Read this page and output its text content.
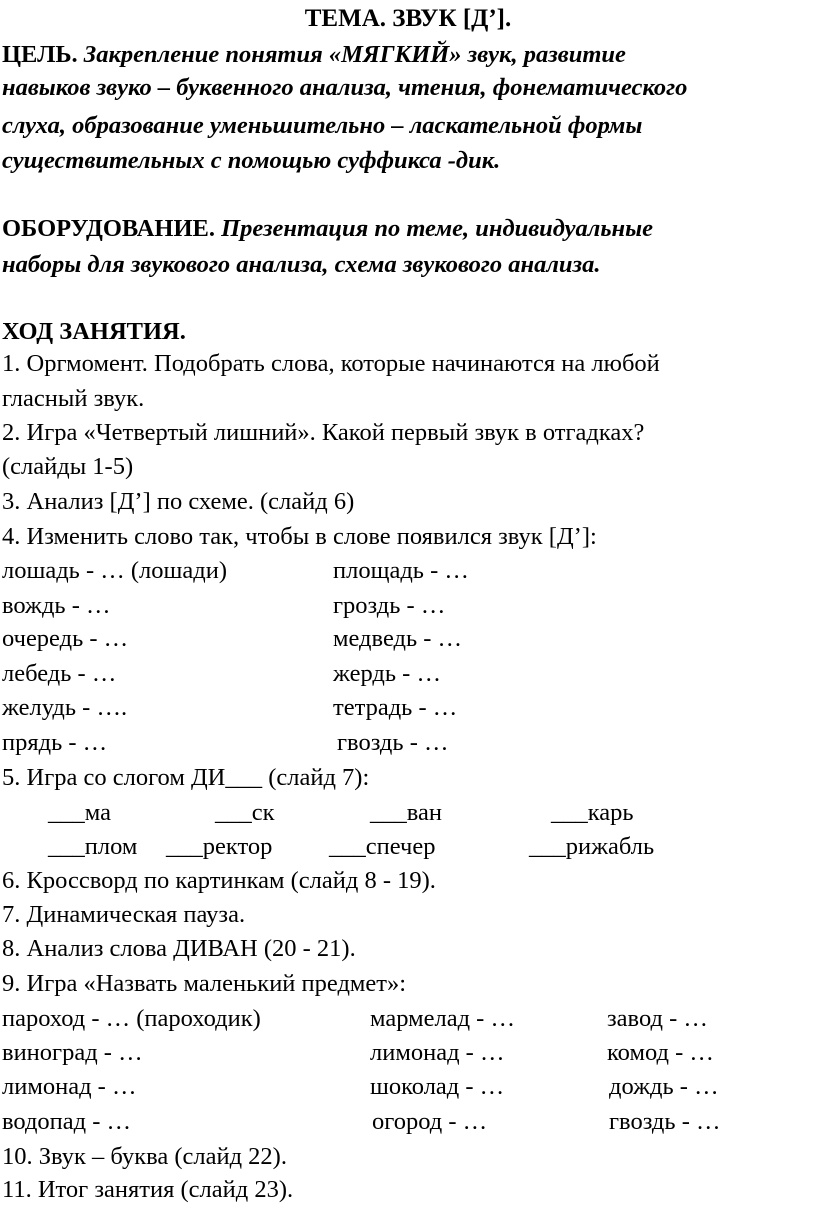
ТЕМА. ЗВУК [Д’].
ЦЕЛЬ. Закрепление понятия «МЯГКИЙ» звук, развитие
навыков звуко – буквенного анализа, чтения, фонематического
слуха, образование уменьшительно – ласкательной формы
существительных с помощью суффикса -дик.
ОБОРУДОВАНИЕ. Презентация по теме, индивидуальные
наборы для звукового анализа, схема звукового анализа.
ХОД ЗАНЯТИЯ.
1. Оргмомент. Подобрать слова, которые начинаются на любой
гласный звук.
2. Игра «Четвертый лишний». Какой первый звук в отгадках?
(слайды 1-5)
3. Анализ [Д’] по схеме. (слайд 6)
4. Изменить слово так, чтобы в слове появился звук [Д’]:
лошадь - … (лошади)	площадь - …
вождь - …	гроздь - …
очередь - …	медведь - …
лебедь - …	жердь - …
желудь - ….	тетрадь - …
прядь - …	гвоздь - …
5. Игра со слогом ДИ___ (слайд 7):
___ма	___ск	___ван	___карь
___плом ___ректор ___спечер	___рижабль
6. Кроссворд по картинкам (слайд 8 - 19).
7. Динамическая пауза.
8. Анализ слова ДИВАН (20 - 21).
9. Игра «Назвать маленький предмет»:
пароход - … (пароходик)	мармелад - …	завод - …
виноград - …	лимонад - …	комод - …
лимонад - …	шоколад - …	дождь - …
водопад - …	огород - …	гвоздь - …
10. Звук – буква (слайд 22).
11. Итог занятия (слайд 23).
